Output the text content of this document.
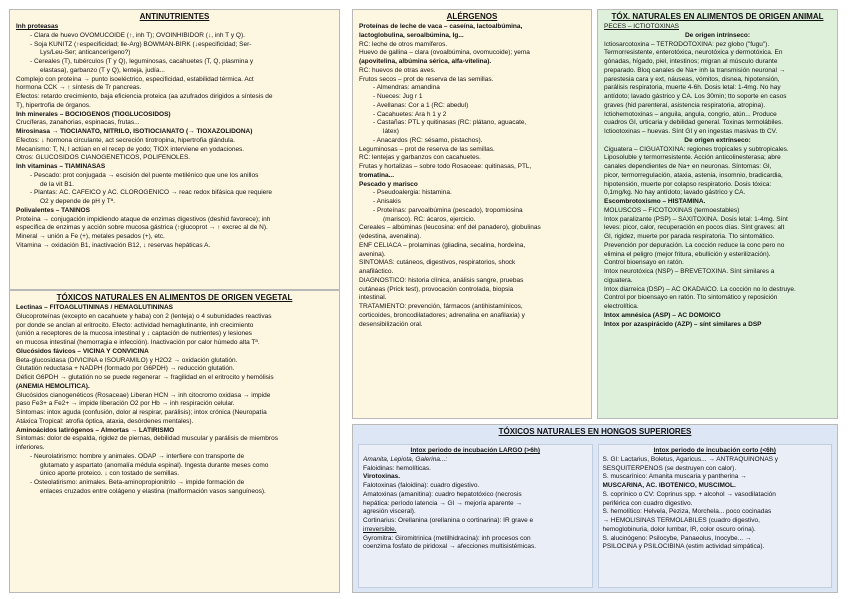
ANTINUTRIENTES
Inh proteasas
- Clara de huevo OVOMUCOIDE (↑, inh T); OVOINHIBIDOR (↓, inh T y Q).
- Soja KUNITZ (↑especificidad; lle-Arg) BOWMAN-BIRK (↓especificidad; Ser-
Lys/Leu-Ser; anticancerígeno?)
- Cereales (T), tubérculos (T y Q), leguminosas, cacahuetes (T, Q, plasmina y
elastasa), garbanzo (T y Q), lenteja, judía...
Complejo con proteína → punto isoeléctrico, especificidad, estabilidad térmica. Act
hormona CCK → ↑ síntesis de Tr pancreas.
Efectos: retardo crecimiento, baja eficiencia proteica (aa azufrados dirigidos a síntesis de
T), hipertrofia de órganos.
Inh minerales – BOCIÓGENOS (TIOGLUCÓSIDOS)
Crucíferas, zanahorias, espinacas, frutas...
Mirosinasa → TIOCIANATO, NITRILO, ISOTIOCIANATO (→ TIOXAZOLIDONA)
Efectos: ↓ hormona circulante, act secreción tirotropina, hipertrofia glándula.
Mecanismo: T, N, I actúan en el recep de yodo; TIOX interviene en yodaciones.
Otros: GLUCÓSIDOS CIANOGENÉTICOS, POLIFENOLES.
Inh vitaminas – TIAMINASAS
- Pescado: prot conjugada → escisión del puente metilénico que une los anillos
de la vit B1.
- Plantas: ÁC. CAFEICO y ÁC. CLOROGÉNICO → reac redox bifásica que requiere
O2 y depende de pH y Tª.
Polivalentes – TANINOS
Proteína → conjugación impidiendo ataque de enzimas digestivos (deshid favorece); inh
específica de enzimas y acción sobre mucosa gástrica (↑glucoprot → ↑ excrec al de N).
Mineral → unión a Fe (+), metales pesados (+), etc.
Vitamina → oxidación B1, inactivación B12, ↓ reservas hepáticas A.
TÓXICOS NATURALES EN ALIMENTOS DE ORIGEN VEGETAL
Lectinas – FITOAGLUTININAS / HEMAGLUTININAS
Glucoproteínas (excepto en cacahuete y haba) con 2 (lenteja) o 4 subunidades reactivas
por donde se anclan al eritrocito. Efecto: actividad hemaglutinante, inh crecimiento
(unión a receptores de la mucosa intestinal y ↓ captación de nutrientes) y lesiones
en mucosa intestinal (hemorragia e infección). Inactivación por calor húmedo alta Tª.
Glucósidos fávicos – VICINA Y CONVICINA
Beta-glucosidasa (DIVICINA e ISOURAMILO) y H2O2 → oxidación glutatión.
Glutatión reductasa + NADPH (formado por G6PDH) → reducción glutatión.
Déficit G6PDH → glutatión no se puede regenerar → fragilidad en el eritrocito y hemólisis
(ANEMIA HEMOLÍTICA).
Glucósidos cianogenéticos (Rosaceae) Liberan HCN → inh citocromo oxidasa → impide
paso Fe3+ a Fe2+ → impide liberación O2 por Hb → inh respiración celular.
Síntomas: intox aguda (confusión, dolor al respirar, parálisis); intox crónica (Neuropatía
Atáxica Tropical: atrofia óptica, ataxia, desórdenes mentales).
Aminoácidos latirógenos – Almortas → LATIRISMO
Síntomas: dolor de espalda, rigidez de piernas, debilidad muscular y parálisis de miembros
inferiores.
- Neurolatirismo: hombre y animales. ODAP → interfiere con transporte de
glutamato y aspartato (anomalía médula espinal). Ingesta durante meses como
único aporte proteico. ↓ con tostado de semillas.
- Osteolatirismo: animales. Beta-aminopropionitrilo → impide formación de
enlaces cruzados entre colágeno y elastina (malformación vasos sanguíneos).
ALÉRGENOS
Proteínas de leche de vaca – caseína, lactoalbúmina,
lactoglobulina, seroalbúmina, Ig...
RC: leche de otros mamíferos.
Huevo de gallina – clara (ovoalbúmina, ovomucoide); yema
(apovitelina, albúmina sérica, alfa-vitelina).
RC: huevos de otras aves.
Frutos secos – prot de reserva de las semillas.
- Almendras: amandina
- Nueces: Jug r 1
- Avellanas: Cor a 1 (RC: abedul)
- Cacahuetes: Ara h 1 y 2
- Castañas: PTL y quitinasas (RC: plátano, aguacate,
látex)
- Anacardos (RC: sésamo, pistachos).
Leguminosas – prot de reserva de las semillas.
RC: lentejas y garbanzos con cacahuetes.
Frutas y hortalizas – sobre todo Rosaceae: quitinasas, PTL,
tromatina...
Pescado y marisco
- Pseudoalergia: histamina.
- Anisakis
- Proteínas: parvoalbúmina (pescado), tropomiosina
(marisco). RC: ácaros, ejercicio.
Cereales – albúminas (leucosina: enf del panadero), globulinas
(edestina, avenalina).
ENF CELIACA – prolaminas (gliadina, secalina, hordeína,
avenina).
SÍNTOMAS: cutáneos, digestivos, respiratorios, shock
anafiláctico.
DIAGNÓSTICO: historia clínica, análisis sangre, pruebas
cutáneas (Prick test), provocación controlada, biopsia
intestinal.
TRATAMIENTO: prevención, fármacos (antihistamínicos,
corticoides, broncodilatadores; adrenalina en anafilaxia) y
desensibilización oral.
TÓX. NATURALES EN ALIMENTOS DE ORIGEN ANIMAL
PECES – ICTIOTOXINAS
De origen intrínseco:
Ictiosarcotoxina – TETRODOTOXINA: pez globo ("fugu").
Termorresistente, enterotóxica, neurotóxica y dermotóxica. En
gónadas, hígado, piel, intestinos; migran al músculo durante
preparado. Bloq canales de Na+ inh la transmisión neuronal →
parestesia cara y ext, náuseas, vómitos, disnea, hipotensión,
parálisis respiratoria, muerte 4-6h. Dosis letal: 1-4mg. No hay
antídoto; lavado gástrico y CA. Los 30min; tto soporte en casos
graves (hid parenteral, asistencia respiratoria, atropina).
Ictiohemotoxinas – anguila, angula, congrio, atún... Produce
cuadros GI, urticaria y debilidad general. Toxinas termolábiles.
Ictiootoxinas – huevas. Sínt GI y en ingestas masivas tb CV.
De origen extrínseco:
Ciguatera – CIGUATOXINA: regiones tropicales y subtropicales.
Liposoluble y termorresistente. Acción anticolinesterasa; abre
canales dependientes de Na+ en neuronas. Síntomas: GI,
picor, termorregulación, ataxia, astenia, insomnio, bradicardia,
hipotensión, muerte por colapso respiratorio. Dosis tóxica:
0,1mg/kg. No hay antídoto; lavado gástrico y CA.
Escombrotoxismo – HISTAMINA.
MOLUSCOS – FICOTOXINAS (termoestables)
Intox paralizante (PSP) – SAXITOXINA. Dosis letal: 1-4mg. Sínt
leves: picor, calor, recuperación en pocos días. Sínt graves: alt
GI, rigidez, muerte por parada respiratoria. Tto sintomático.
Prevención por depuración. La cocción reduce la conc pero no
elimina el peligro (mejor fritura, ebullición y esterilización).
Control bioensayo en ratón.
Intox neurotóxica (NSP) – BREVETOXINA. Sínt similares a
ciguatera.
Intox diarreica (DSP) – ÁC OKADAICO. La cocción no lo destruye.
Control por bioensayo en ratón. Tto sintomático y reposición
electrolítica.
Intox amnésica (ASP) – ÁC DOMOICO
Intox por azaspirácido (AZP) – sínt similares a DSP
TÓXICOS NATURALES EN HONGOS SUPERIORES
Intox periodo de incubación LARGO (>6h)
Amanita, Lepiota, Galerina...:
Faloidinas: hemolíticas.
Virotoxinas.
Falotoxinas (faloidina): cuadro digestivo.
Amatoxinas (amanitina): cuadro hepatotóxico (necrosis
hepática: período latencia → GI → mejoría aparente →
agresión visceral).
Cortinarius: Orellanina (orellanina o cortinarina): IR grave e
irreversible.
Gyromitra: Giromitrinica (metilhidracina): inh procesos con
coenzima fosfato de piridoxal → afecciones multisistémicas.
Intox periodo de incubación corto (<6h)
S. GI: Lactarius, Boletus, Agaricus... → ANTRAQUINONAS y
SESQUITERPENOS (se destruyen con calor).
S. muscarínico: Amanita muscaria y pantherina →
MUSCARINA, ÁC. IBOTÉNICO, MUSCIMOL.
S. coprínico o CV: Coprinus spp. + alcohol → vasodilatación
periférica con cuadro digestivo.
S. hemolítico: Helvela, Peziza, Morchela... poco cocinadas
→ HEMOLISINAS TERMOLÁBILES (cuadro digestivo,
hemoglobinuria, dolor lumbar, IR, color oscuro orina).
S. alucinógeno: Psilocybe, Panaeolus, Inocybe... →
PSILOCINA y PSILOCIBINA (estim actividad simpática).
